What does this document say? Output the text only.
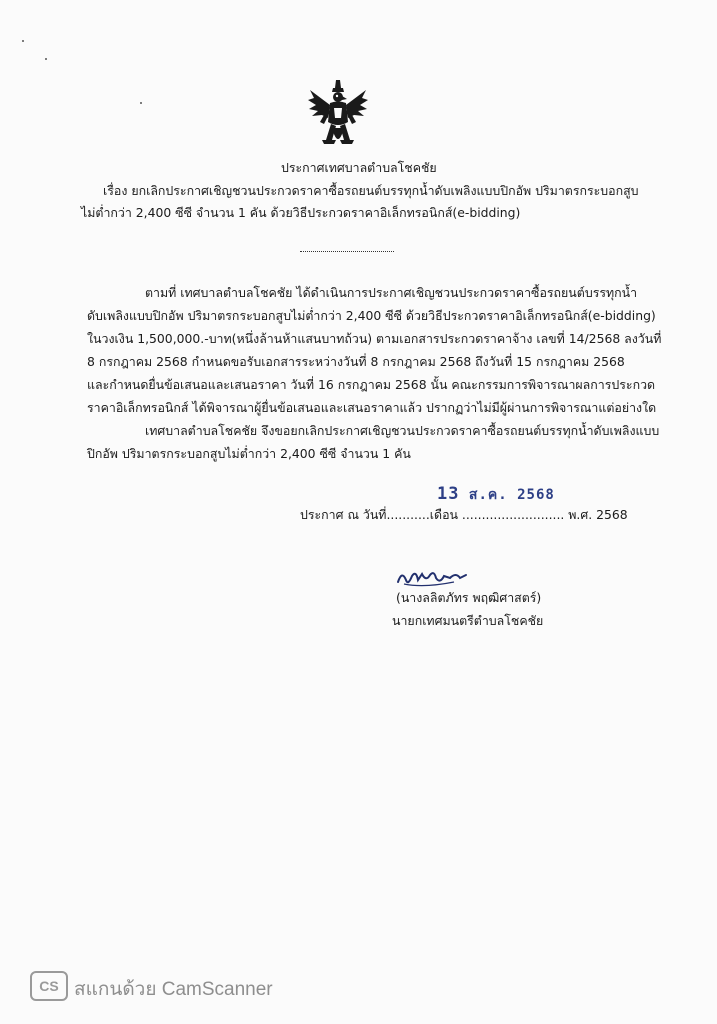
ประกาศเทศบาลตำบลโชคชัย
เรื่อง ยกเลิกประกาศเชิญชวนประกวดราคาซื้อรถยนต์บรรทุกน้ำดับเพลิงแบบปิกอัพ ปริมาตรกระบอกสูบ
ไม่ต่ำกว่า 2,400 ซีซี จำนวน 1 คัน ด้วยวิธีประกวดราคาอิเล็กทรอนิกส์(e-bidding)
ตามที่ เทศบาลตำบลโชคชัย ได้ดำเนินการประกาศเชิญชวนประกวดราคาซื้อรถยนต์บรรทุกน้ำ
ดับเพลิงแบบปิกอัพ ปริมาตรกระบอกสูบไม่ต่ำกว่า 2,400 ซีซี ด้วยวิธีประกวดราคาอิเล็กทรอนิกส์(e-bidding)
ในวงเงิน 1,500,000.-บาท(หนึ่งล้านห้าแสนบาทถ้วน) ตามเอกสารประกวดราคาจ้าง เลขที่ 14/2568 ลงวันที่
8 กรกฎาคม 2568 กำหนดขอรับเอกสารระหว่างวันที่ 8 กรกฎาคม 2568 ถึงวันที่ 15 กรกฎาคม 2568
และกำหนดยื่นข้อเสนอและเสนอราคา วันที่ 16 กรกฎาคม 2568 นั้น คณะกรรมการพิจารณาผลการประกวด
ราคาอิเล็กทรอนิกส์ ได้พิจารณาผู้ยื่นข้อเสนอและเสนอราคาแล้ว ปรากฏว่าไม่มีผู้ผ่านการพิจารณาแต่อย่างใด
เทศบาลตำบลโชคชัย จึงขอยกเลิกประกาศเชิญชวนประกวดราคาซื้อรถยนต์บรรทุกน้ำดับเพลิงแบบ
ปิกอัพ ปริมาตรกระบอกสูบไม่ต่ำกว่า 2,400 ซีซี จำนวน 1 คัน
13 ส.ค. 2568
ประกาศ ณ วันที่...........เดือน .......................... พ.ศ. 2568
(นางลลิตภัทร พฤฒิศาสตร์)
นายกเทศมนตรีตำบลโชคชัย
CS สแกนด้วย CamScanner
